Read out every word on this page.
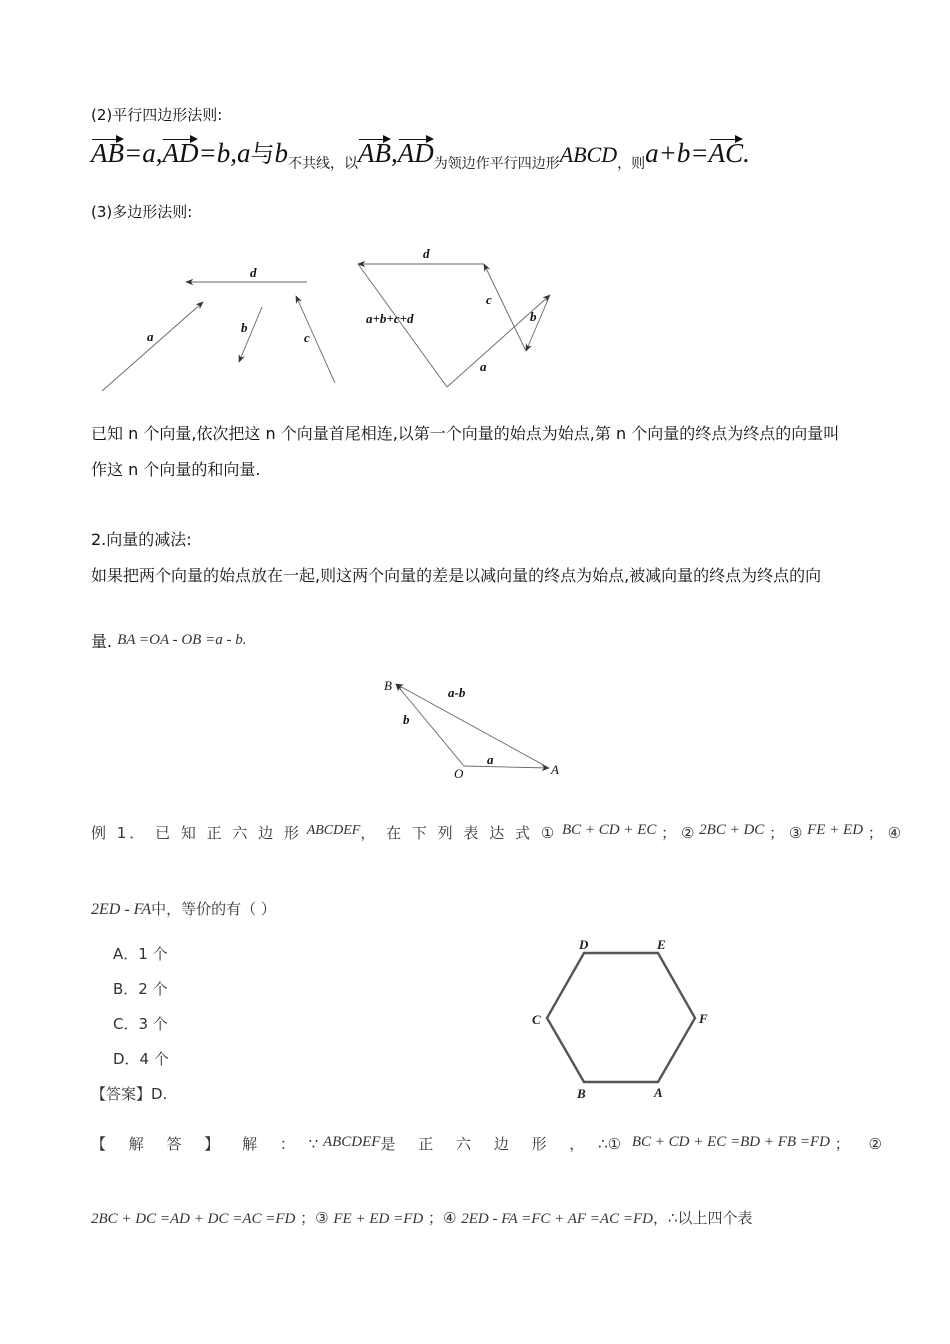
(2)平行四边形法则:
AB=a,AD=b,a与b不共线，以AB,AD为领边作平行四边形ABCD，则a+b=AC.
(3)多边形法则:
d
a
b
c
d
c
b
a
a+b+c+d
已知 n 个向量,依次把这 n 个向量首尾相连,以第一个向量的始点为始点,第 n 个向量的终点为终点的向量叫
作这 n 个向量的和向量.
2.向量的减法:
如果把两个向量的始点放在一起,则这两个向量的差是以减向量的终点为始点,被减向量的终点为终点的向
量. BA =OA - OB =a - b.
B
O	A
a-b
b
a
例 1． 已 知 正 六 边 形 ABCDEF， 在 下 列 表 达 式 ① BC + CD + EC ； ② 2BC + DC ； ③ FE + ED ； ④
2ED - FA中，等价的有（ ）
A．1 个
B．2 个
C．3 个
D．4 个
【答案】D.
D	E
C	F
B	A
【 解 答 】 解 ： ∵ ABCDEF是 正 六 边 形 ， ∴① BC + CD + EC =BD + FB =FD ； ②
2BC + DC =AD + DC =AC =FD ；③ FE + ED =FD ；④ 2ED - FA =FC + AF =AC =FD，∴以上四个表
